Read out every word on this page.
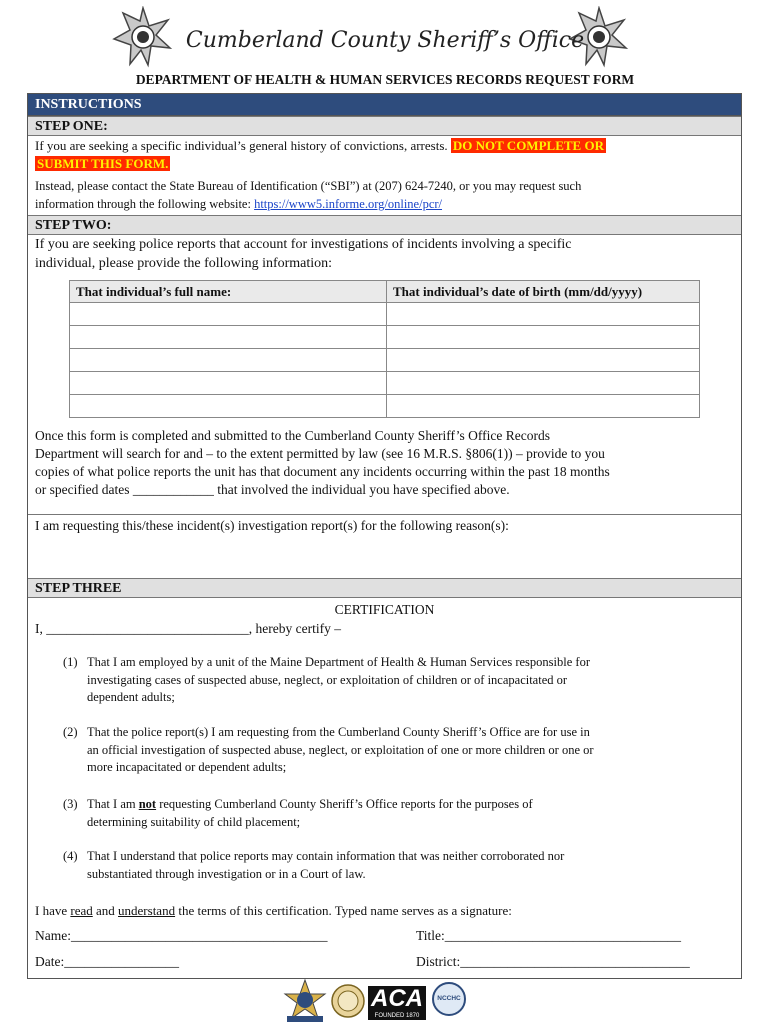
Cumberland County Sheriff’s Office
DEPARTMENT OF HEALTH & HUMAN SERVICES RECORDS REQUEST FORM
INSTRUCTIONS
STEP ONE:
If you are seeking a specific individual’s general history of convictions, arrests. DO NOT COMPLETE OR
SUBMIT THIS FORM.
Instead, please contact the State Bureau of Identification (“SBI”) at (207) 624-7240, or you may request such
information through the following website: https://www5.informe.org/online/pcr/
STEP TWO:
If you are seeking police reports that account for investigations of incidents involving a specific
individual, please provide the following information:
That individual’s full name:	That individual’s date of birth (mm/dd/yyyy)

Once this form is completed and submitted to the Cumberland County Sheriff’s Office Records
Department will search for and – to the extent permitted by law (see 16 M.R.S. §806(1)) – provide to you
copies of what police reports the unit has that document any incidents occurring within the past 18 months
or specified dates ____________ that involved the individual you have specified above.
I am requesting this/these incident(s) investigation report(s) for the following reason(s):
STEP THREE
CERTIFICATION
I, ______________________________, hereby certify –
(1) That I am employed by a unit of the Maine Department of Health & Human Services responsible for
investigating cases of suspected abuse, neglect, or exploitation of children or of incapacitated or
dependent adults;
(2) That the police report(s) I am requesting from the Cumberland County Sheriff’s Office are for use in
an official investigation of suspected abuse, neglect, or exploitation of one or more children or one or
more incapacitated or dependent adults;
(3) That I am not requesting Cumberland County Sheriff’s Office reports for the purposes of
determining suitability of child placement;
(4) That I understand that police reports may contain information that was neither corroborated nor
substantiated through investigation or in a Court of law.
I have read and understand the terms of this certification. Typed name serves as a signature:
Name:______________________________________	Title:___________________________________
Date:_________________	District:__________________________________
ACA
FOUNDED 1870
NCCHC
